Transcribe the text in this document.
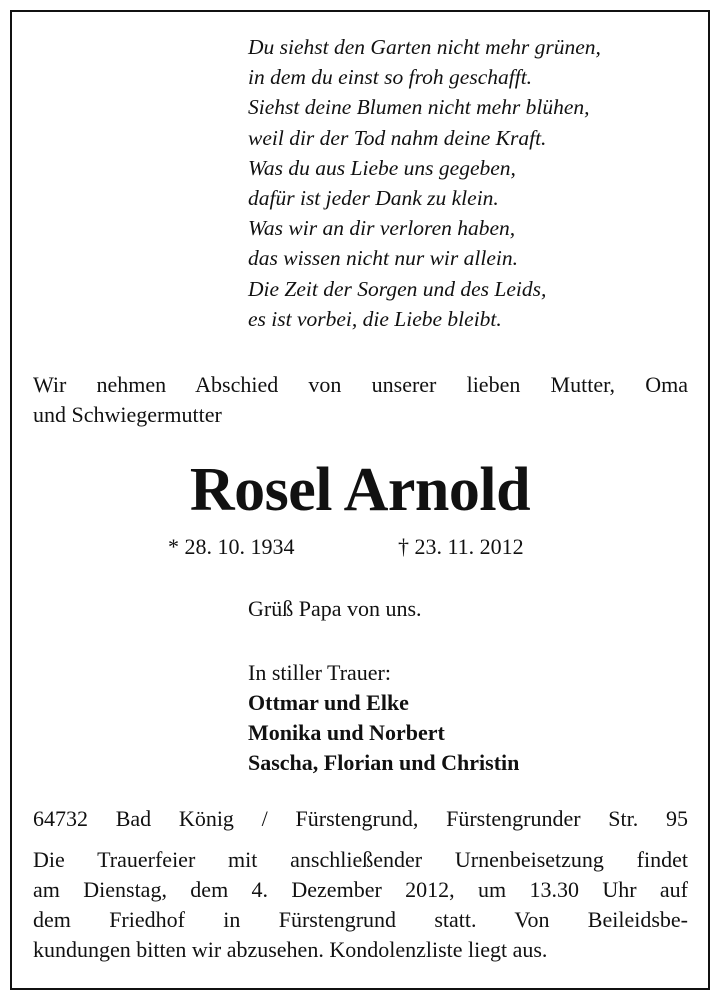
Du siehst den Garten nicht mehr grünen,
in dem du einst so froh geschafft.
Siehst deine Blumen nicht mehr blühen,
weil dir der Tod nahm deine Kraft.
Was du aus Liebe uns gegeben,
dafür ist jeder Dank zu klein.
Was wir an dir verloren haben,
das wissen nicht nur wir allein.
Die Zeit der Sorgen und des Leids,
es ist vorbei, die Liebe bleibt.
Wir nehmen Abschied von unserer lieben Mutter, Oma
und Schwiegermutter
Rosel Arnold
* 28. 10. 1934	† 23. 11. 2012
Grüß Papa von uns.
In stiller Trauer:
Ottmar und Elke
Monika und Norbert
Sascha, Florian und Christin
64732 Bad König / Fürstengrund, Fürstengrunder Str. 95
Die Trauerfeier mit anschließender Urnenbeisetzung findet
am Dienstag, dem 4. Dezember 2012, um 13.30 Uhr auf
dem Friedhof in Fürstengrund statt. Von Beileidsbe-
kundungen bitten wir abzusehen. Kondolenzliste liegt aus.
